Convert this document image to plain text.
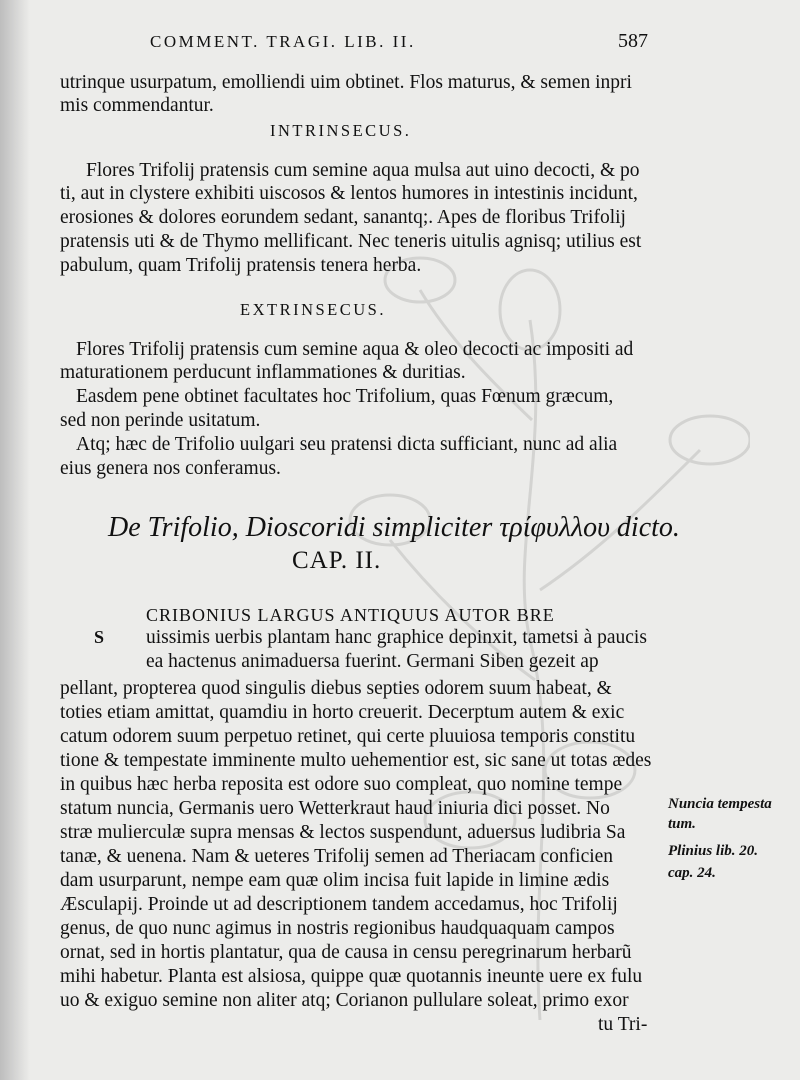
COMMENT. TRAGI. LIB. II.	587
utrinque usurpatum, emolliendi uim obtinet. Flos maturus, & semen inpri
mis commendantur.
INTRINSECUS.
Flores Trifolij pratensis cum semine aqua mulsa aut uino decocti, & po
ti, aut in clystere exhibiti uiscosos & lentos humores in intestinis incidunt,
erosiones & dolores eorundem sedant, sanantq;. Apes de floribus Trifolij
pratensis uti & de Thymo mellificant. Nec teneris uitulis agnisq; utilius est
pabulum, quam Trifolij pratensis tenera herba.
EXTRINSECUS.
Flores Trifolij pratensis cum semine aqua & oleo decocti ac impositi ad
maturationem perducunt inflammationes & duritias.
Easdem pene obtinet facultates hoc Trifolium, quas Fœnum græcum,
sed non perinde usitatum.
Atq; hæc de Trifolio uulgari seu pratensi dicta sufficiant, nunc ad alia
eius genera nos conferamus.
De Trifolio, Dioscoridi simpliciter τρίφυλλου dicto.
CAP. II.
S
CRIBONIUS LARGUS ANTIQUUS AUTOR BRE
uissimis uerbis plantam hanc graphice depinxit, tametsi à paucis
ea hactenus animaduersa fuerint. Germani Siben gezeit ap
pellant, propterea quod singulis diebus septies odorem suum habeat, &
toties etiam amittat, quamdiu in horto creuerit. Decerptum autem & exic
catum odorem suum perpetuo retinet, qui certe pluuiosa temporis constitu
tione & tempestate imminente multo uehementior est, sic sane ut totas ædes
in quibus hæc herba reposita est odore suo compleat, quo nomine tempe
statum nuncia, Germanis uero Wetterkraut haud iniuria dici posset. No
stræ mulierculæ supra mensas & lectos suspendunt, aduersus ludibria Sa
tanæ, & uenena. Nam & ueteres Trifolij semen ad Theriacam conficien
dam usurparunt, nempe eam quæ olim incisa fuit lapide in limine ædis
Æsculapij. Proinde ut ad descriptionem tandem accedamus, hoc Trifolij
genus, de quo nunc agimus in nostris regionibus haudquaquam campos
ornat, sed in hortis plantatur, qua de causa in censu peregrinarum herbarũ
mihi habetur. Planta est alsiosa, quippe quæ quotannis ineunte uere ex fulu
uo & exiguo semine non aliter atq; Corianon pullulare soleat, primo exor
tu Tri-
Nuncia tempesta
tum.
Plinius lib. 20.
cap. 24.
